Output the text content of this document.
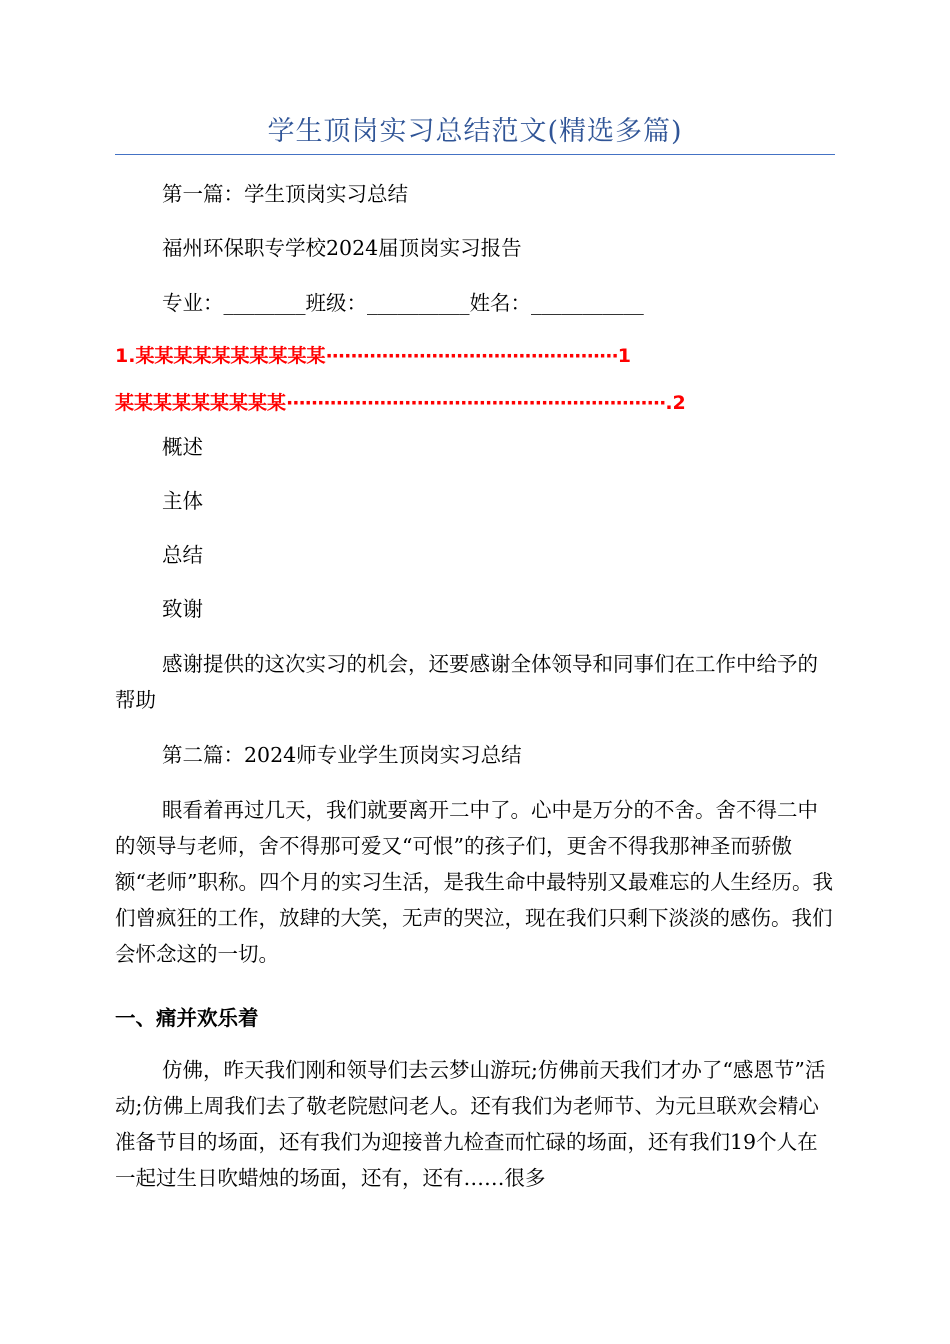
学生顶岗实习总结范文(精选多篇)

第一篇：学生顶岗实习总结

福州环保职专学校2024届顶岗实习报告

专业：________班级：__________姓名：___________

1.某某某某某某某某某某···············································1
某某某某某某某某某·····························································.2

概述

主体

总结

致谢

感谢提供的这次实习的机会，还要感谢全体领导和同事们在工作中给予的帮助

第二篇：2024师专业学生顶岗实习总结

眼看着再过几天，我们就要离开二中了。心中是万分的不舍。舍不得二中的领导与老师，舍不得那可爱又“可恨”的孩子们，更舍不得我那神圣而骄傲额“老师”职称。四个月的实习生活，是我生命中最特别又最难忘的人生经历。我们曾疯狂的工作，放肆的大笑，无声的哭泣，现在我们只剩下淡淡的感伤。我们会怀念这的一切。

一、痛并欢乐着

仿佛，昨天我们刚和领导们去云梦山游玩;仿佛前天我们才办了“感恩节”活动;仿佛上周我们去了敬老院慰问老人。还有我们为老师节、为元旦联欢会精心准备节目的场面，还有我们为迎接普九检查而忙碌的场面，还有我们19个人在一起过生日吹蜡烛的场面，还有，还有……很多
